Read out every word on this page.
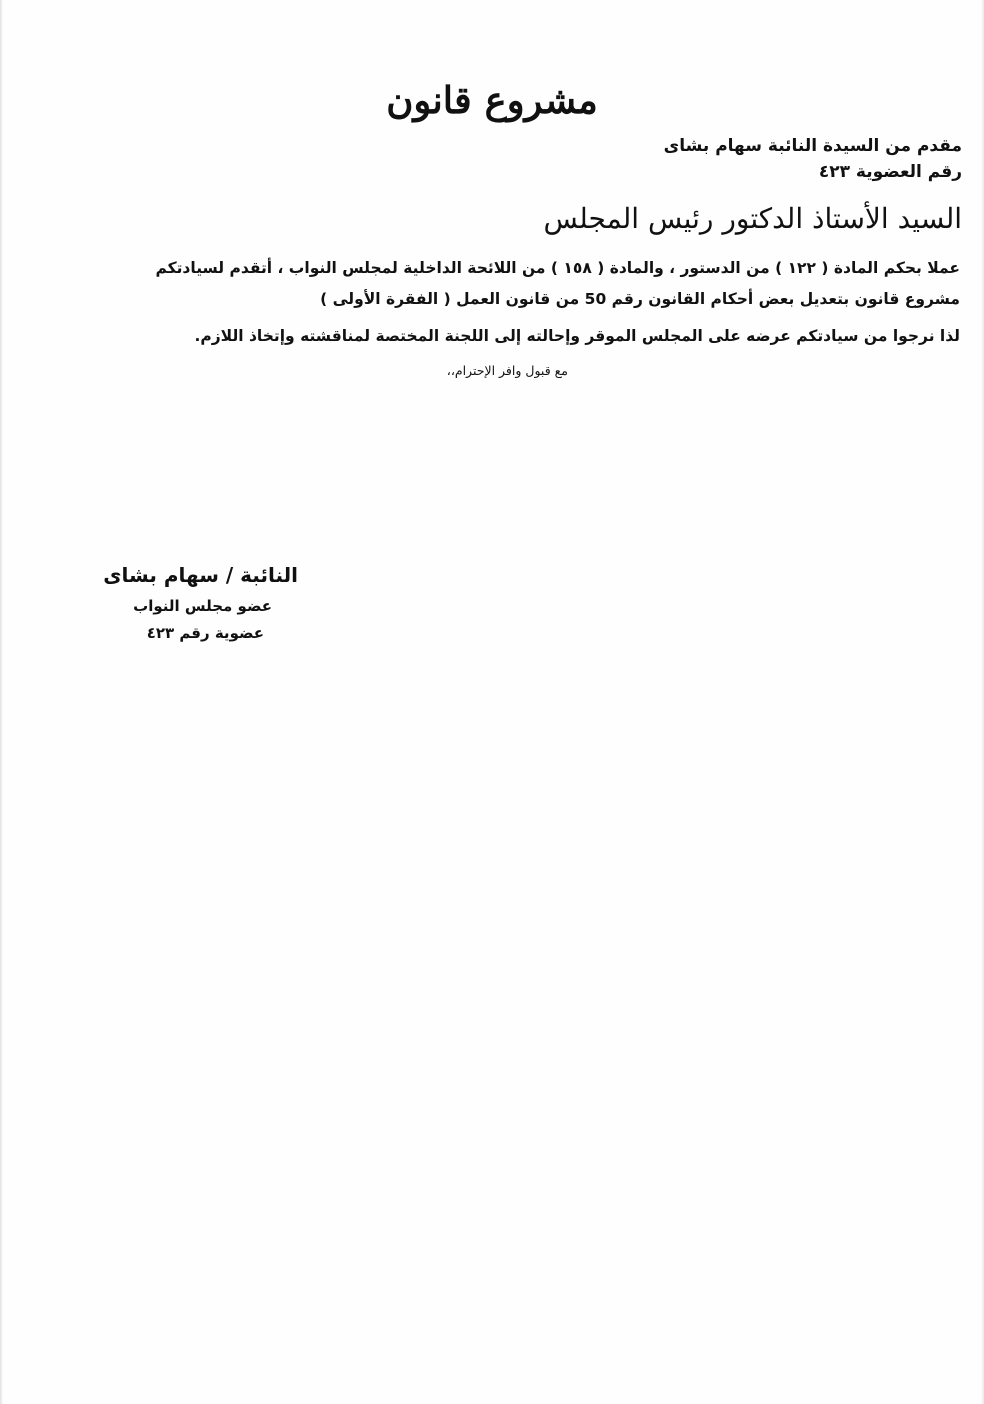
مشروع قانون
مقدم من السيدة النائبة سهام بشاى
رقم العضوية ٤٢٣
السيد الأستاذ الدكتور رئيس المجلس
عملا بحكم المادة ( ١٢٢ ) من الدستور ، والمادة ( ١٥٨ ) من اللائحة الداخلية لمجلس النواب ، أتقدم لسيادتكم
مشروع قانون بتعديل بعض أحكام القانون رقم 50 من قانون العمل ( الفقرة الأولى )
لذا نرجوا من سيادتكم عرضه على المجلس الموقر وإحالته إلى اللجنة المختصة لمناقشته وإتخاذ اللازم.
مع قبول وافر الإحترام،،
النائبة / سهام بشاى
عضو مجلس النواب
عضوية رقم ٤٢٣
